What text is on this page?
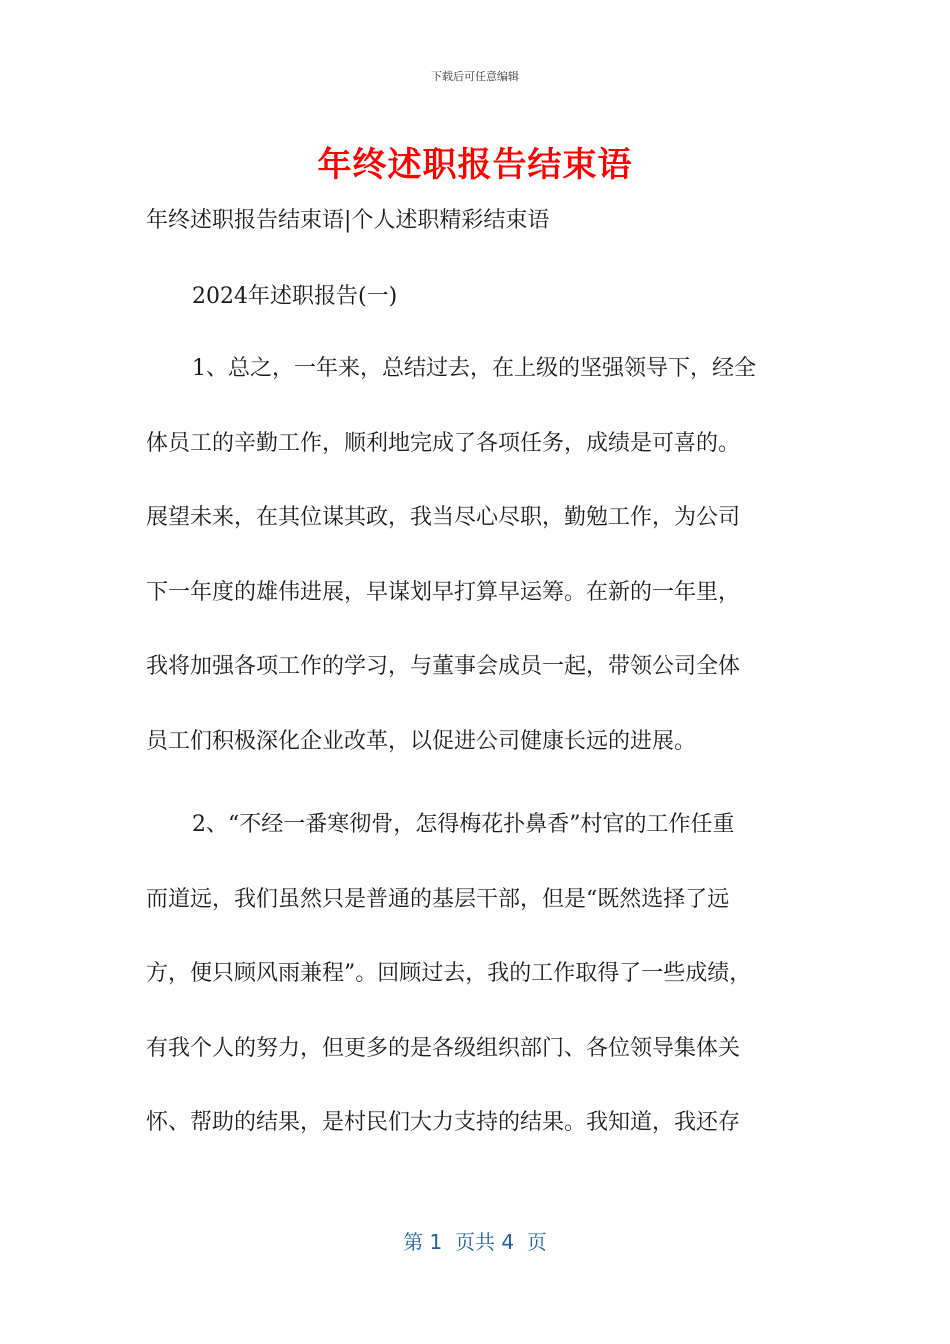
下载后可任意编辑
年终述职报告结束语
年终述职报告结束语|个人述职精彩结束语
2024年述职报告(一)
1、总之，一年来，总结过去，在上级的坚强领导下，经全
体员工的辛勤工作，顺利地完成了各项任务，成绩是可喜的。
展望未来，在其位谋其政，我当尽心尽职，勤勉工作，为公司
下一年度的雄伟进展，早谋划早打算早运筹。在新的一年里，
我将加强各项工作的学习，与董事会成员一起，带领公司全体
员工们积极深化企业改革，以促进公司健康长远的进展。
2、“不经一番寒彻骨，怎得梅花扑鼻香”村官的工作任重
而道远，我们虽然只是普通的基层干部，但是“既然选择了远
方，便只顾风雨兼程”。回顾过去，我的工作取得了一些成绩，
有我个人的努力，但更多的是各级组织部门、各位领导集体关
怀、帮助的结果，是村民们大力支持的结果。我知道，我还存
第 1  页共 4  页
